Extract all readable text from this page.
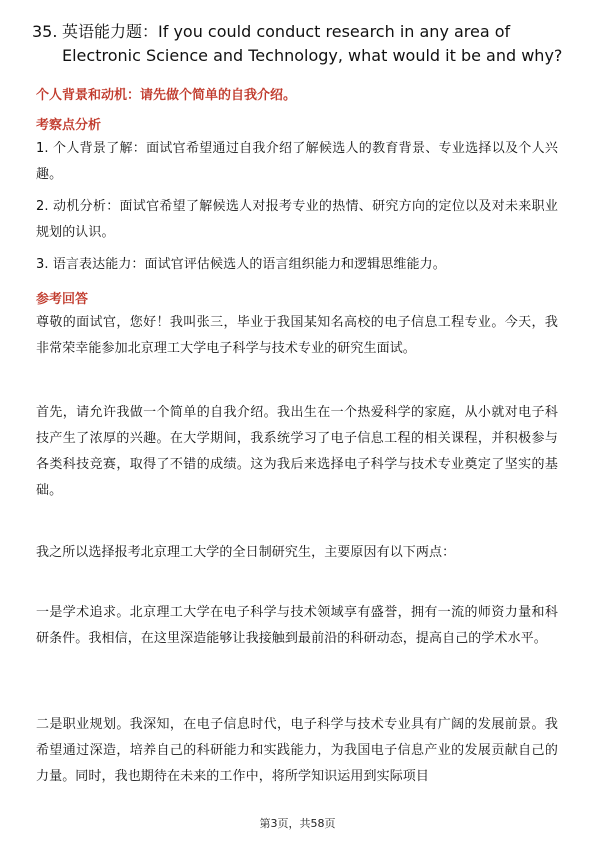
35. 英语能力题：If you could conduct research in any area of Electronic Science and Technology, what would it be and why?
个人背景和动机：请先做个简单的自我介绍。
考察点分析
1. 个人背景了解：面试官希望通过自我介绍了解候选人的教育背景、专业选择以及个人兴趣。
2. 动机分析：面试官希望了解候选人对报考专业的热情、研究方向的定位以及对未来职业规划的认识。
3. 语言表达能力：面试官评估候选人的语言组织能力和逻辑思维能力。
参考回答
尊敬的面试官，您好！我叫张三，毕业于我国某知名高校的电子信息工程专业。今天，我非常荣幸能参加北京理工大学电子科学与技术专业的研究生面试。
首先，请允许我做一个简单的自我介绍。我出生在一个热爱科学的家庭，从小就对电子科技产生了浓厚的兴趣。在大学期间，我系统学习了电子信息工程的相关课程，并积极参与各类科技竞赛，取得了不错的成绩。这为我后来选择电子科学与技术专业奠定了坚实的基础。
我之所以选择报考北京理工大学的全日制研究生，主要原因有以下两点：
一是学术追求。北京理工大学在电子科学与技术领域享有盛誉，拥有一流的师资力量和科研条件。我相信，在这里深造能够让我接触到最前沿的科研动态，提高自己的学术水平。
二是职业规划。我深知，在电子信息时代，电子科学与技术专业具有广阔的发展前景。我希望通过深造，培养自己的科研能力和实践能力，为我国电子信息产业的发展贡献自己的力量。同时，我也期待在未来的工作中，将所学知识运用到实际项目
第3页，共58页
